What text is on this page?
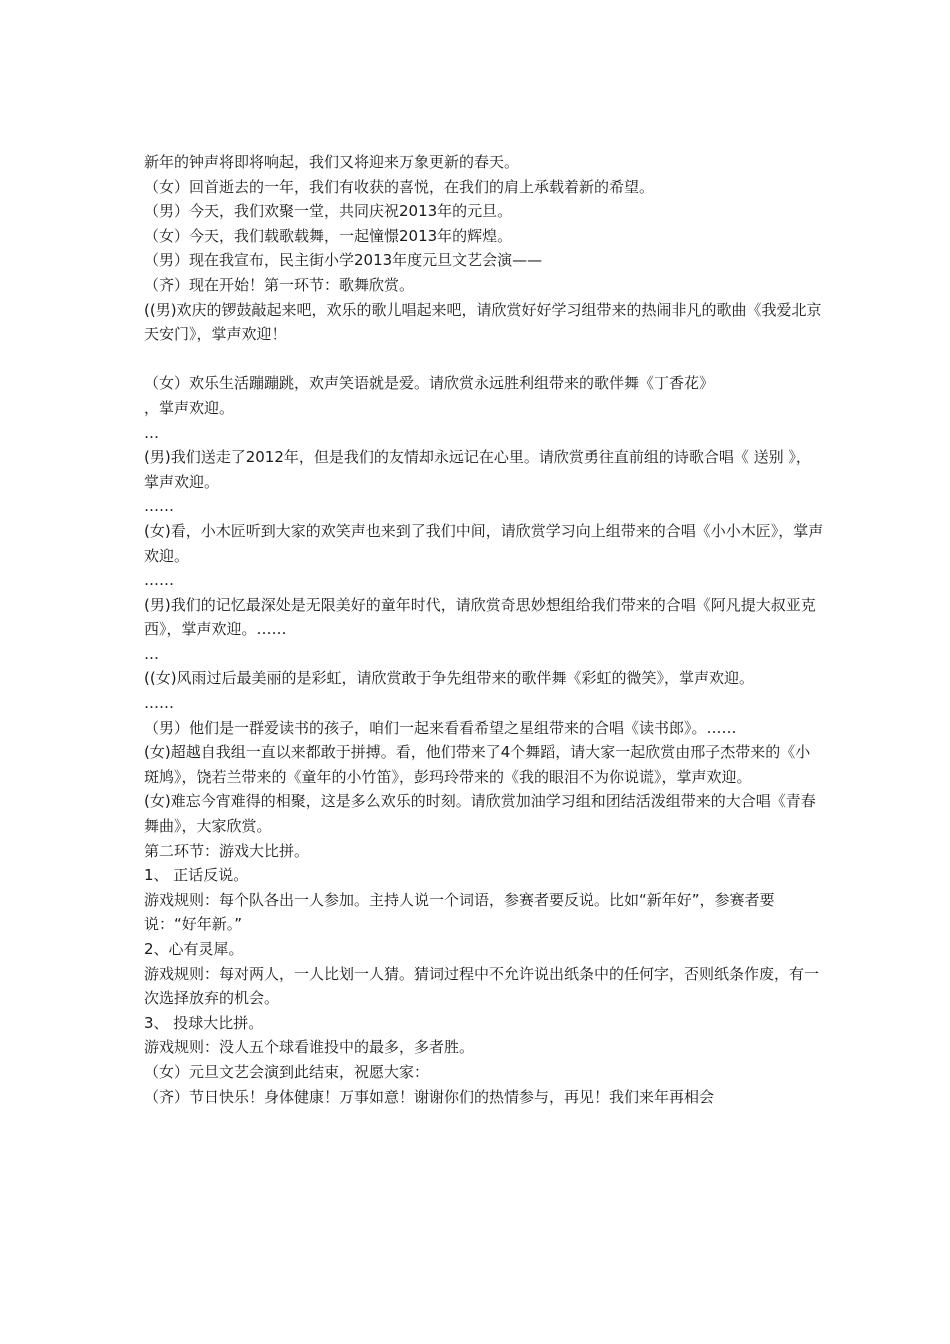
新年的钟声将即将响起，我们又将迎来万象更新的春天。

（女）回首逝去的一年，我们有收获的喜悦，在我们的肩上承载着新的希望。

（男）今天，我们欢聚一堂，共同庆祝2013年的元旦。

（女）今天，我们载歌载舞，一起憧憬2013年的辉煌。

（男）现在我宣布，民主街小学2013年度元旦文艺会演——

（齐）现在开始！第一环节：歌舞欣赏。

((男)欢庆的锣鼓敲起来吧，欢乐的歌儿唱起来吧，请欣赏好好学习组带来的热闹非凡的歌曲《我爱北京天安门》，掌声欢迎！

（女）欢乐生活蹦蹦跳，欢声笑语就是爱。请欣赏永远胜利组带来的歌伴舞《丁香花》

，掌声欢迎。

…

(男)我们送走了2012年，但是我们的友情却永远记在心里。请欣赏勇往直前组的诗歌合唱《 送别 》，掌声欢迎。

……

(女)看，小木匠听到大家的欢笑声也来到了我们中间，请欣赏学习向上组带来的合唱《小小木匠》，掌声欢迎。

……

(男)我们的记忆最深处是无限美好的童年时代，请欣赏奇思妙想组给我们带来的合唱《阿凡提大叔亚克西》，掌声欢迎。……

…

((女)风雨过后最美丽的是彩虹，请欣赏敢于争先组带来的歌伴舞《彩虹的微笑》，掌声欢迎。

……

（男）他们是一群爱读书的孩子，咱们一起来看看希望之星组带来的合唱《读书郎》。……

(女)超越自我组一直以来都敢于拼搏。看，他们带来了4个舞蹈，请大家一起欣赏由邢子杰带来的《小斑鸠》，饶若兰带来的《童年的小竹笛》，彭玛玲带来的《我的眼泪不为你说谎》，掌声欢迎。

(女)难忘今宵难得的相聚，这是多么欢乐的时刻。请欣赏加油学习组和团结活泼组带来的大合唱《青春舞曲》，大家欣赏。

第二环节：游戏大比拼。

1、 正话反说。

游戏规则：每个队各出一人参加。主持人说一个词语，参赛者要反说。比如“新年好”，参赛者要说：“好年新。”

2、心有灵犀。

游戏规则：每对两人，一人比划一人猜。猜词过程中不允许说出纸条中的任何字，否则纸条作废，有一次选择放弃的机会。

3、 投球大比拼。

游戏规则：没人五个球看谁投中的最多，多者胜。

（女）元旦文艺会演到此结束，祝愿大家：

（齐）节日快乐！身体健康！万事如意！谢谢你们的热情参与，再见！我们来年再相会
